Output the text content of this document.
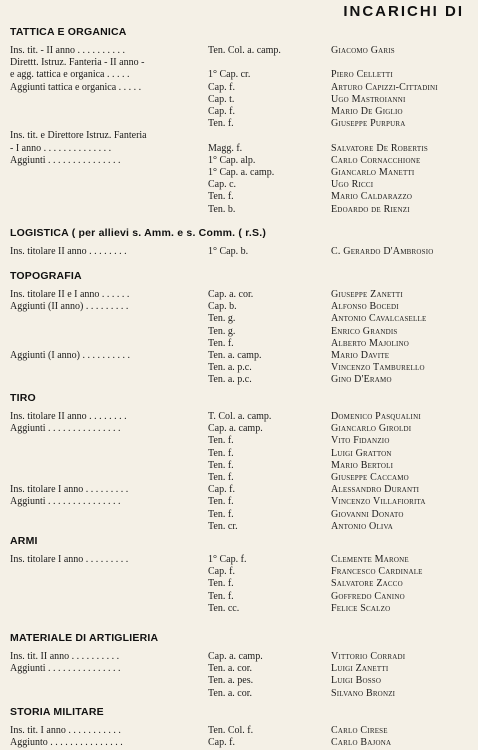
INCARICHI DI
TATTICA E ORGANICA
Ins. tit. - II anno . . . . . . . . . .	Ten. Col. a. camp.	Giacomo Garis
Direttt. Istruz. Fanteria - II anno -
e agg. tattica e organica . . . . .	1° Cap. cr.	Piero Celletti
Aggiunti tattica e organica . . . . .	Cap. f.	Arturo Capizzi-Cittadini
Cap. t.	Ugo Mastroianni
Cap. f.	Mario De Giglio
Ten. f.	Giuseppe Purpura
Ins. tit. e Direttore Istruz. Fanteria
- I anno . . . . . . . . . . . . . .	Magg. f.	Salvatore De Robertis
Aggiunti . . . . . . . . . . . . . . .	1° Cap. alp.	Carlo Cornacchione
1° Cap. a. camp.	Giancarlo Manetti
Cap. c.	Ugo Ricci
Ten. f.	Mario Caldarazzo
Ten. b.	Edoardo de Rienzi
LOGISTICA ( per allievi s. Amm. e s. Comm. ( r.S.)
Ins. titolare II anno . . . . . . . .	1° Cap. b.	C. Gerardo D'Ambrosio
TOPOGRAFIA
Ins. titolare II e I anno . . . . . .	Cap. a. cor.	Giuseppe Zanetti
Aggiunti (II anno) . . . . . . . . .	Cap. b.	Alfonso Bocedi
Ten. g.	Antonio Cavalcaselle
Ten. g.	Enrico Grandis
Ten. f.	Alberto Majolino
Aggiunti (I anno) . . . . . . . . . .	Ten. a. camp.	Mario Davite
Ten. a. p.c.	Vincenzo Tamburello
Ten. a. p.c.	Gino D'Eramo
TIRO
Ins. titolare II anno . . . . . . . .	T. Col. a. camp.	Domenico Pasqualini
Aggiunti . . . . . . . . . . . . . . .	Cap. a. camp.	Giancarlo Giroldi
Ten. f.	Vito Fidanzio
Ten. f.	Luigi Gratton
Ten. f.	Mario Bertoli
Ten. f.	Giuseppe Caccamo
Ins. titolare I anno . . . . . . . . .	Cap. f.	Alessandro Duranti
Aggiunti . . . . . . . . . . . . . . .	Ten. f.	Vincenzo Villafiorita
Ten. f.	Giovanni Donato
Ten. cr.	Antonio Oliva
ARMI
Ins. titolare I anno . . . . . . . . .	1° Cap. f.	Clemente Marone
Cap. f.	Francesco Cardinale
Ten. f.	Salvatore Zacco
Ten. f.	Goffredo Canino
Ten. cc.	Felice Scalzo
MATERIALE DI ARTIGLIERIA
Ins. tit. II anno . . . . . . . . . .	Cap. a. camp.	Vittorio Corradi
Aggiunti . . . . . . . . . . . . . . .	Ten. a. cor.	Luigi Zanetti
Ten. a. pes.	Luigi Bosso
Ten. a. cor.	Silvano Bronzi
STORIA MILITARE
Ins. tit. I anno . . . . . . . . . . .	Ten. Col. f.	Carlo Cirese
Aggiunto . . . . . . . . . . . . . . .	Cap. f.	Carlo Bajona
